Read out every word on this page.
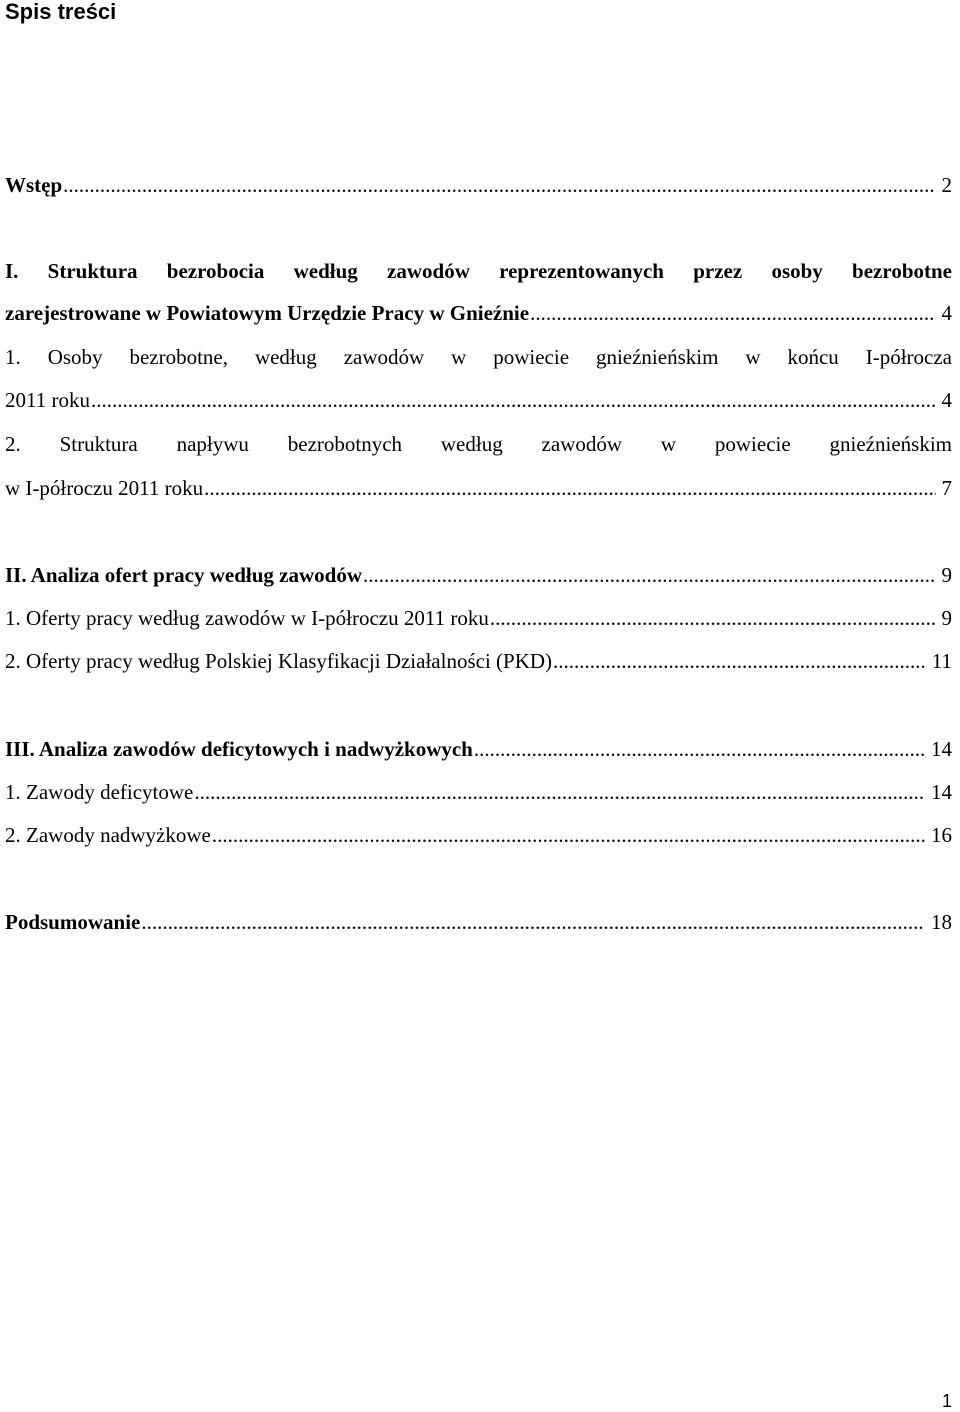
Spis treści
Wstęp .....	2
I. Struktura bezrobocia według zawodów reprezentowanych przez osoby bezrobotne
zarejestrowane w Powiatowym Urzędzie Pracy w Gnieźnie .....	4
1. Osoby bezrobotne, według zawodów w powiecie gnieźnieńskim w końcu I-półrocza
2011 roku .....	4
2. Struktura napływu bezrobotnych według zawodów w powiecie gnieźnieńskim
w I-półroczu 2011 roku .....	7
II. Analiza ofert pracy według zawodów .....	9
1. Oferty pracy według zawodów w I-półroczu 2011 roku .....	9
2. Oferty pracy według Polskiej Klasyfikacji Działalności (PKD) .....	11
III. Analiza zawodów deficytowych i nadwyżkowych .....	14
1. Zawody deficytowe .....	14
2. Zawody nadwyżkowe .....	16
Podsumowanie .....	18
1
